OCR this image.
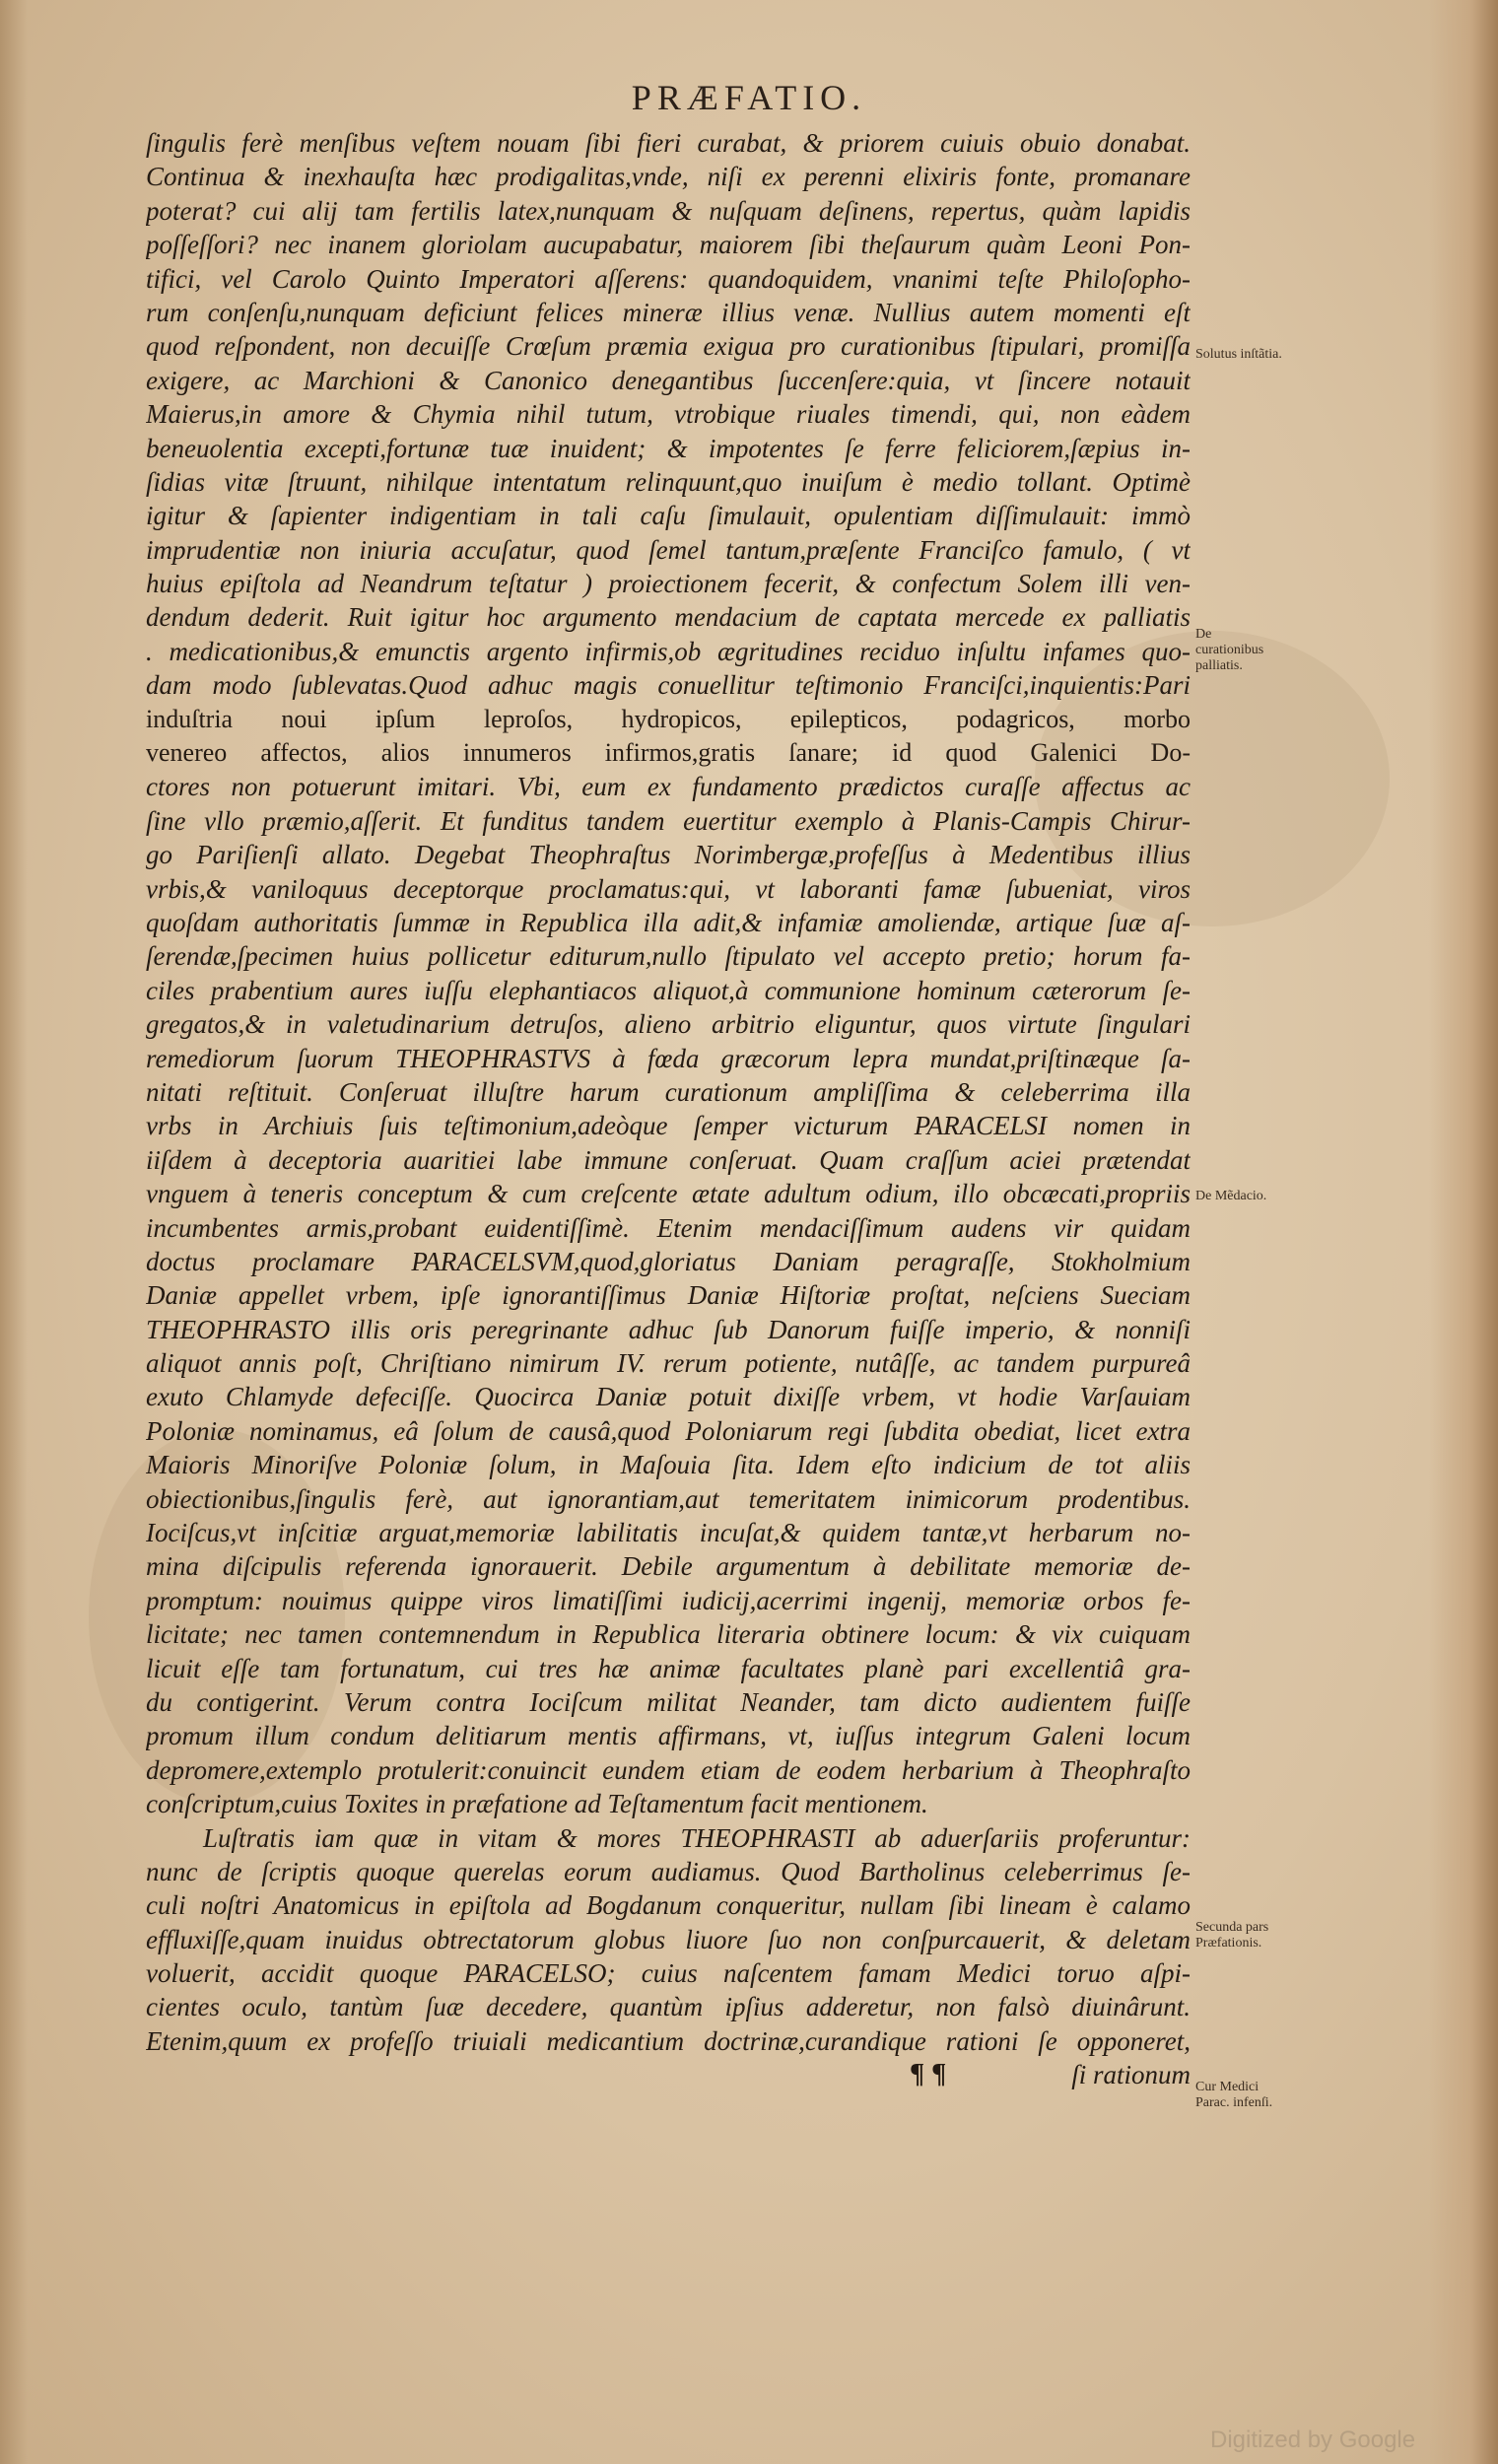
PRÆFATIO.
ſingulis ferè menſibus veſtem nouam ſibi fieri curabat, & priorem cuiuis obuio donabat.
Continua & inexhauſta hæc prodigalitas,vnde, niſi ex perenni elixiris fonte, promanare
poterat? cui alij tam fertilis latex,nunquam & nuſquam deſinens, repertus, quàm lapidis
poſſeſſori? nec inanem gloriolam aucupabatur, maiorem ſibi theſaurum quàm Leoni Pon-
tifici, vel Carolo Quinto Imperatori aſſerens: quandoquidem, vnanimi teſte Philoſopho-
rum conſenſu,nunquam deficiunt felices mineræ illius venæ. Nullius autem momenti eſt
quod reſpondent, non decuiſſe Crœſum præmia exigua pro curationibus ſtipulari, promiſſa
exigere, ac Marchioni & Canonico denegantibus ſuccenſere:quia, vt ſincere notauit
Maierus,in amore & Chymia nihil tutum, vtrobique riuales timendi, qui, non eàdem
beneuolentia excepti,fortunæ tuæ inuident; & impotentes ſe ferre feliciorem,ſæpius in-
ſidias vitæ ſtruunt, nihilque intentatum relinquunt,quo inuiſum è medio tollant. Optimè
igitur & ſapienter indigentiam in tali caſu ſimulauit, opulentiam diſſimulauit: immò
imprudentiæ non iniuria accuſatur, quod ſemel tantum,præſente Franciſco famulo, ( vt
huius epiſtola ad Neandrum teſtatur ) proiectionem fecerit, & confectum Solem illi ven-
dendum dederit. Ruit igitur hoc argumento mendacium de captata mercede ex palliatis
. medicationibus,& emunctis argento infirmis,ob ægritudines reciduo inſultu infames quo-
dam modo ſublevatas.Quod adhuc magis conuellitur teſtimonio Franciſci,inquientis:Pari
induſtria noui ipſum leproſos, hydropicos, epilepticos, podagricos, morbo
venereo affectos, alios innumeros infirmos,gratis ſanare; id quod Galenici Do-
ctores non potuerunt imitari. Vbi, eum ex fundamento prædictos curaſſe affectus ac
ſine vllo præmio,aſſerit. Et funditus tandem euertitur exemplo à Planis-Campis Chirur-
go Pariſienſi allato. Degebat Theophraſtus Norimbergæ,profeſſus à Medentibus illius
vrbis,& vaniloquus deceptorque proclamatus:qui, vt laboranti famæ ſubueniat, viros
quoſdam authoritatis ſummæ in Republica illa adit,& infamiæ amoliendæ, artique ſuæ aſ-
ſerendæ,ſpecimen huius pollicetur editurum,nullo ſtipulato vel accepto pretio; horum fa-
ciles prabentium aures iuſſu elephantiacos aliquot,à communione hominum cæterorum ſe-
gregatos,& in valetudinarium detruſos, alieno arbitrio eliguntur, quos virtute ſingulari
remediorum ſuorum THEOPHRASTVS à fœda græcorum lepra mundat,priſtinæque ſa-
nitati reſtituit. Conſeruat illuſtre harum curationum ampliſſima & celeberrima illa
vrbs in Archiuis ſuis teſtimonium,adeòque ſemper victurum PARACELSI nomen in
iiſdem à deceptoria auaritiei labe immune conſeruat. Quam craſſum aciei prætendat
vnguem à teneris conceptum & cum creſcente ætate adultum odium, illo obcæcati,propriis
incumbentes armis,probant euidentiſſimè. Etenim mendaciſſimum audens vir quidam
doctus proclamare PARACELSVM,quod,gloriatus Daniam peragraſſe, Stokholmium
Daniæ appellet vrbem, ipſe ignorantiſſimus Daniæ Hiſtoriæ proſtat, neſciens Sueciam
THEOPHRASTO illis oris peregrinante adhuc ſub Danorum fuiſſe imperio, & nonniſi
aliquot annis poſt, Chriſtiano nimirum IV. rerum potiente, nutâſſe, ac tandem purpureâ
exuto Chlamyde defeciſſe. Quocirca Daniæ potuit dixiſſe vrbem, vt hodie Varſauiam
Poloniæ nominamus, eâ ſolum de causâ,quod Poloniarum regi ſubdita obediat, licet extra
Maioris Minoriſve Poloniæ ſolum, in Maſouia ſita. Idem eſto indicium de tot aliis
obiectionibus,ſingulis ferè, aut ignorantiam,aut temeritatem inimicorum prodentibus.
Iociſcus,vt inſcitiæ arguat,memoriæ labilitatis incuſat,& quidem tantæ,vt herbarum no-
mina diſcipulis referenda ignorauerit. Debile argumentum à debilitate memoriæ de-
promptum: nouimus quippe viros limatiſſimi iudicij,acerrimi ingenij, memoriæ orbos fe-
licitate; nec tamen contemnendum in Republica literaria obtinere locum: & vix cuiquam
licuit eſſe tam fortunatum, cui tres hæ animæ facultates planè pari excellentiâ gra-
du contigerint. Verum contra Iociſcum militat Neander, tam dicto audientem fuiſſe
promum illum condum delitiarum mentis affirmans, vt, iuſſus integrum Galeni locum
depromere,extemplo protulerit:conuincit eundem etiam de eodem herbarium à Theophraſto
conſcriptum,cuius Toxites in præfatione ad Teſtamentum facit mentionem.
Luſtratis iam quæ in vitam & mores THEOPHRASTI ab aduerſariis proferuntur:
nunc de ſcriptis quoque querelas eorum audiamus. Quod Bartholinus celeberrimus ſe-
culi noſtri Anatomicus in epiſtola ad Bogdanum conqueritur, nullam ſibi lineam è calamo
effluxiſſe,quam inuidus obtrectatorum globus liuore ſuo non conſpurcauerit, & deletam
voluerit, accidit quoque PARACELSO; cuius naſcentem famam Medici toruo aſpi-
cientes oculo, tantùm ſuæ decedere, quantùm ipſius adderetur, non falsò diuinârunt.
Etenim,quum ex profeſſo triuiali medicantium doctrinæ,curandique rationi ſe opponeret,
¶ ¶	ſi rationum
Solutus inſtãtia.
De curationibus palliatis.
De Mẽdacio.
Secunda pars Præfationis.
Cur Medici Parac. infenſi.
Digitized by Google
